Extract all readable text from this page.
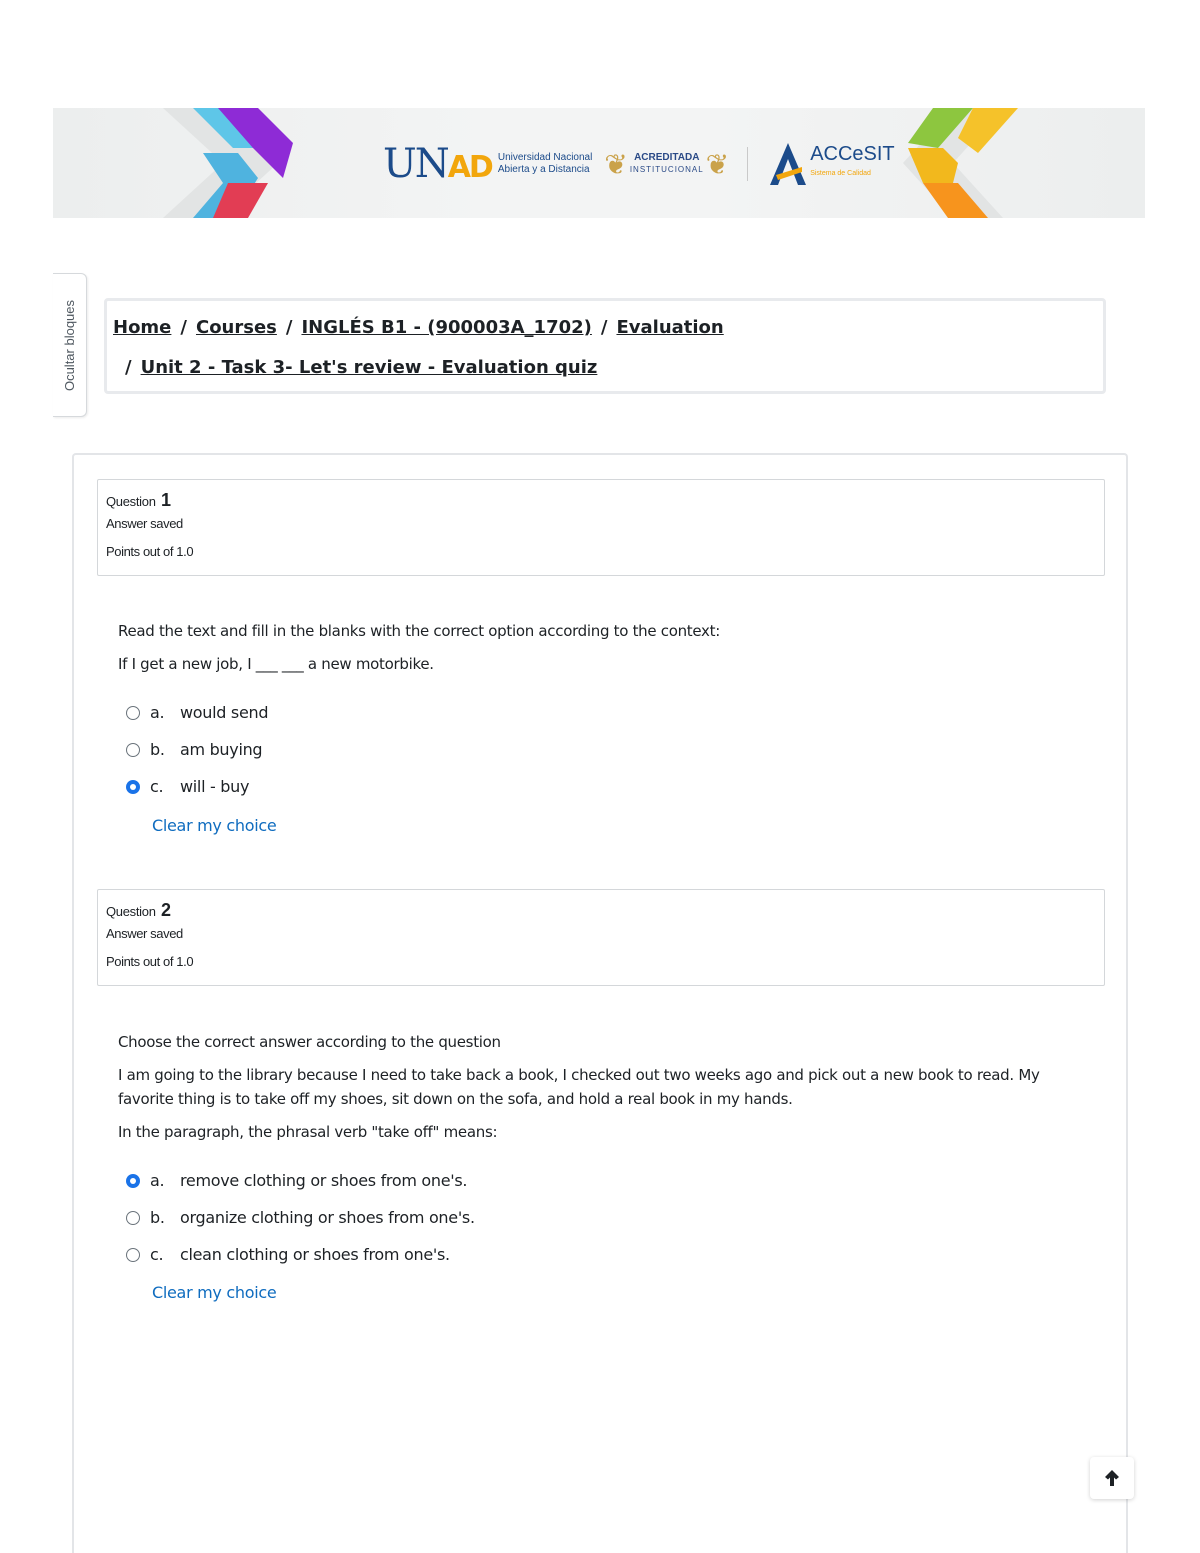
UNAD Universidad Nacional
Abierta y a Distancia ❦ ACREDITADA
INSTITUCIONAL ❦	ACCeSIT
Sistema de Calidad
Ocultar bloques Home / Courses / INGLÉS B1 - (900003A_1702) / Evaluation
/ Unit 2 - Task 3- Let's review - Evaluation quiz
Question 1
Answer saved
Points out of 1.0

Read the text and fill in the blanks with the correct option according to the context:

If I get a new job, I ___ ___ a new motorbike.

a. would send
b. am buying
c.	will - buy
Clear my choice
Question 2
Answer saved
Points out of 1.0

Choose the correct answer according to the question

I am going to the library because I need to take back a book, I checked out two weeks ago and pick out a new book to read. My favorite thing is to take off my shoes, sit down on the sofa, and hold a real book in my hands.

In the paragraph, the phrasal verb "take off" means:

a. remove clothing or shoes from one's.
b. organize clothing or shoes from one's.
c.	clean clothing or shoes from one's.
Clear my choice
